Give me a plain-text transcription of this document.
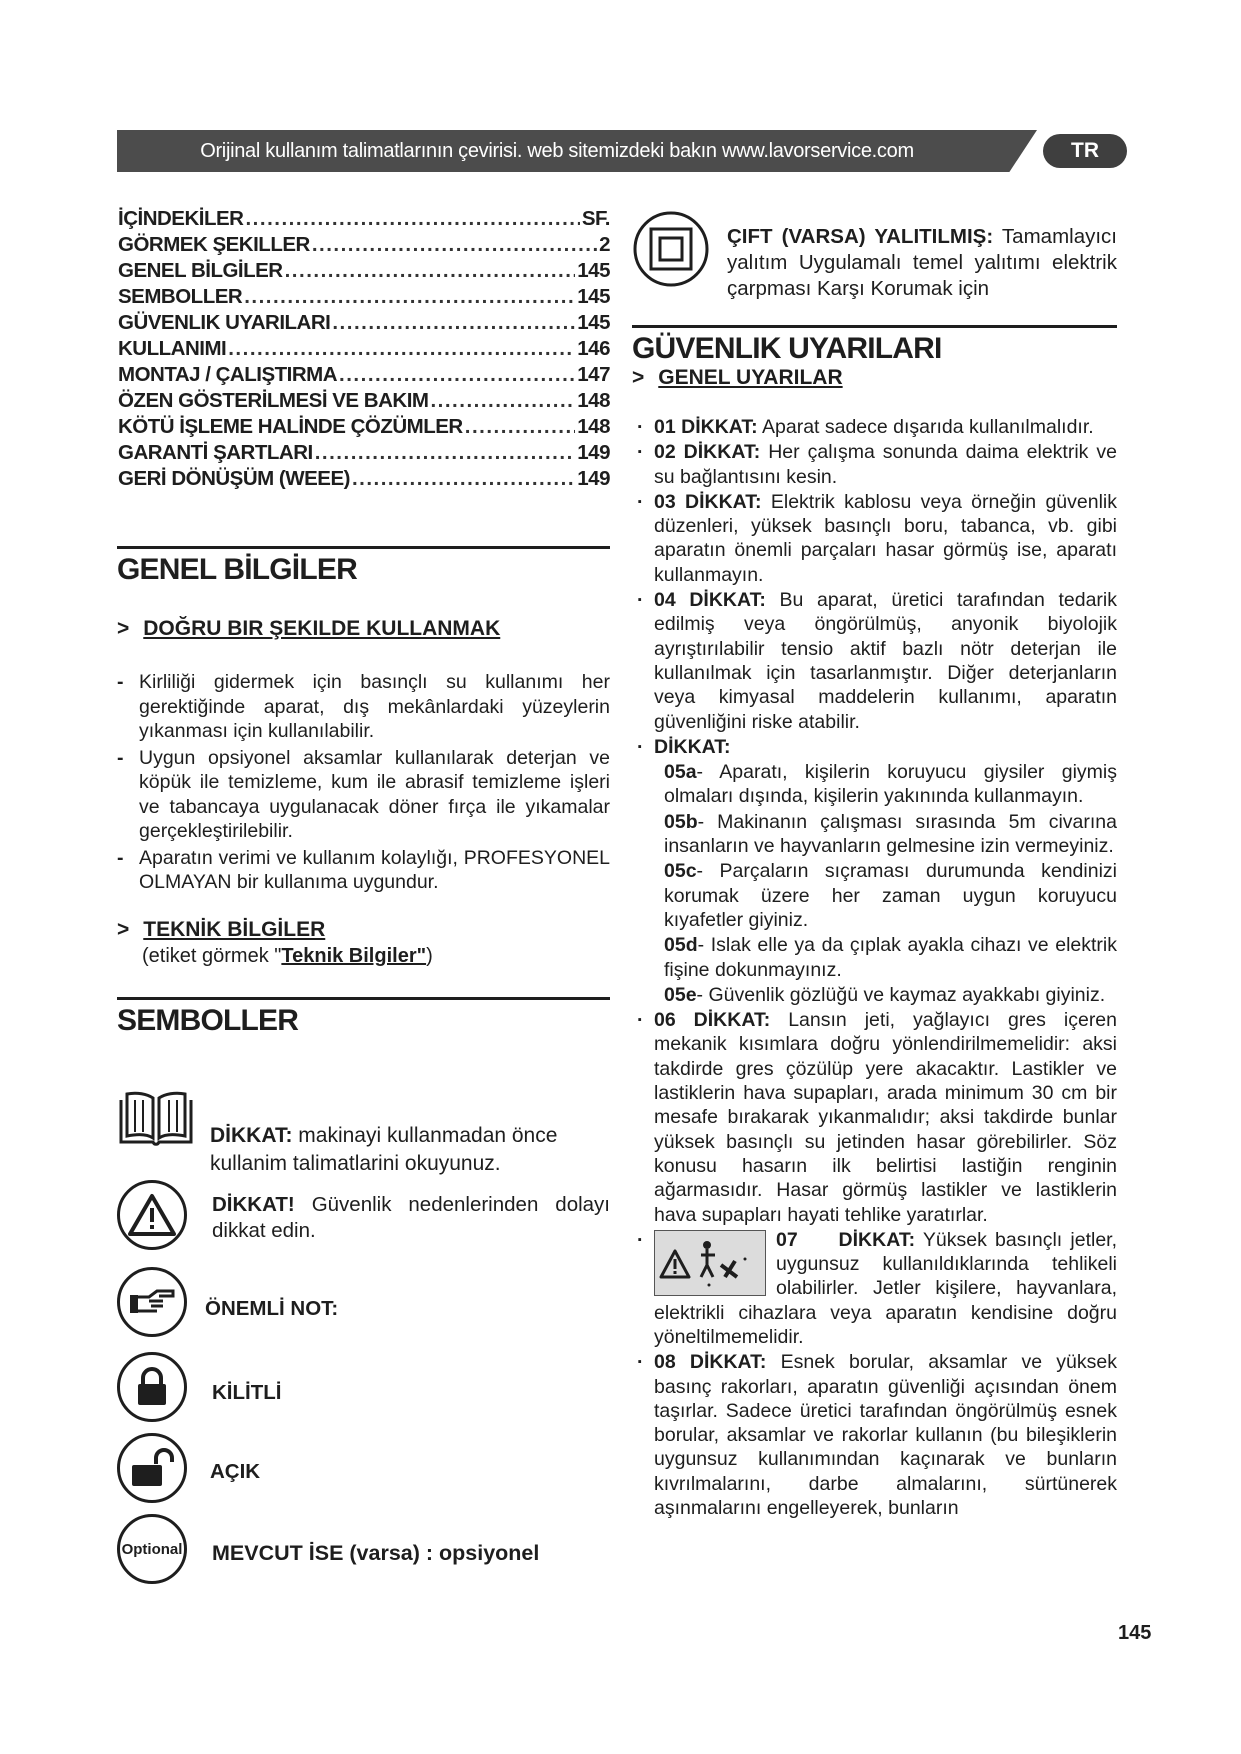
Orijinal kullanım talimatlarının çevirisi. web sitemizdeki bakın www.lavorservice.com	TR
İÇİNDEKİLER .....	SF.
GÖRMEK ŞEKILLER .....	2
GENEL BİLGİLER .....	145
SEMBOLLER .....	145
GÜVENLIK UYARILARI .....	145
KULLANIMI .....	146
MONTAJ / ÇALIŞTIRMA .....	147
ÖZEN GÖSTERİLMESİ VE BAKIM .....	148
KÖTÜ İŞLEME HALİNDE ÇÖZÜMLER .....	148
GARANTİ ŞARTLARI .....	149
GERİ DÖNÜŞÜM (WEEE) .....	149
GENEL BİLGİLER
> DOĞRU BIR ŞEKILDE KULLANMAK
- Kirliliği gidermek için basınçlı su kullanımı her gerektiğinde aparat, dış mekânlardaki yüzeylerin yıkanması için kullanılabilir.
- Uygun opsiyonel aksamlar kullanılarak deterjan ve köpük ile temizleme, kum ile abrasif temizleme işleri ve tabancaya uygulanacak döner fırça ile yıkamalar gerçekleştirilebilir.
- Aparatın verimi ve kullanım kolaylığı, PROFESYONEL OLMAYAN bir kullanıma uygundur.
> TEKNİK BİLGİLER
(etiket görmek "Teknik Bilgiler")
SEMBOLLER
DİKKAT: makinayi kullanmadan önce kullanim talimatlarini okuyunuz.
DİKKAT! Güvenlik nedenlerinden dolayı dikkat edin.
ÖNEMLİ NOT:
KİLİTLİ
AÇIK
Optional MEVCUT İSE (varsa) : opsiyonel
ÇIFT (VARSA) YALITILMIŞ: Tamamlayıcı yalıtım Uygulamalı temel yalıtımı elektrik çarpması Karşı Korumak için
GÜVENLIK UYARILARI
> GENEL UYARILAR
· 01 DİKKAT: Aparat sadece dışarıda kullanılmalıdır.
· 02 DİKKAT: Her çalışma sonunda daima elektrik ve su bağlantısını kesin.
· 03 DİKKAT: Elektrik kablosu veya örneğin güvenlik düzenleri, yüksek basınçlı boru, tabanca, vb. gibi aparatın önemli parçaları hasar görmüş ise, aparatı kullanmayın.
· 04 DİKKAT: Bu aparat, üretici tarafından tedarik edilmiş veya öngörülmüş, anyonik biyolojik ayrıştırılabilir tensio aktif bazlı nötr deterjan ile kullanılmak için tasarlanmıştır. Diğer deterjanların veya kimyasal maddelerin kullanımı, aparatın güvenliğini riske atabilir.
· DİKKAT:
05a- Aparatı, kişilerin koruyucu giysiler giymiş olmaları dışında, kişilerin yakınında kullanmayın.
05b- Makinanın çalışması sırasında 5m civarına insanların ve hayvanların gelmesine izin vermeyiniz.
05c- Parçaların sıçraması durumunda kendinizi korumak üzere her zaman uygun koruyucu kıyafetler giyiniz.
05d- Islak elle ya da çıplak ayakla cihazı ve elektrik fişine dokunmayınız.
05e- Güvenlik gözlüğü ve kaymaz ayakkabı giyiniz.
· 06 DİKKAT: Lansın jeti, yağlayıcı gres içeren mekanik kısımlara doğru yönlendirilmemelidir: aksi takdirde gres çözülüp yere akacaktır. Lastikler ve lastiklerin hava supapları, arada minimum 30 cm bir mesafe bırakarak yıkanmalıdır; aksi takdirde bunlar yüksek basınçlı su jetinden hasar görebilirler. Söz konusu hasarın ilk belirtisi lastiğin renginin ağarmasıdır. Hasar görmüş lastikler ve lastiklerin hava supapları hayati tehlike yaratırlar.
·	07 DİKKAT: Yüksek basınçlı jetler, uygunsuz kullanıldıklarında tehlikeli olabilirler. Jetler kişilere, hayvanlara, elektrikli cihazlara veya aparatın kendisine doğru yöneltilmemelidir.
· 08 DİKKAT: Esnek borular, aksamlar ve yüksek basınç rakorları, aparatın güvenliği açısından önem taşırlar. Sadece üretici tarafından öngörülmüş esnek borular, aksamlar ve rakorlar kullanın (bu bileşiklerin uygunsuz kullanımından kaçınarak ve bunların kıvrılmalarını, darbe almalarını, sürtünerek aşınmalarını engelleyerek, bunların
145
